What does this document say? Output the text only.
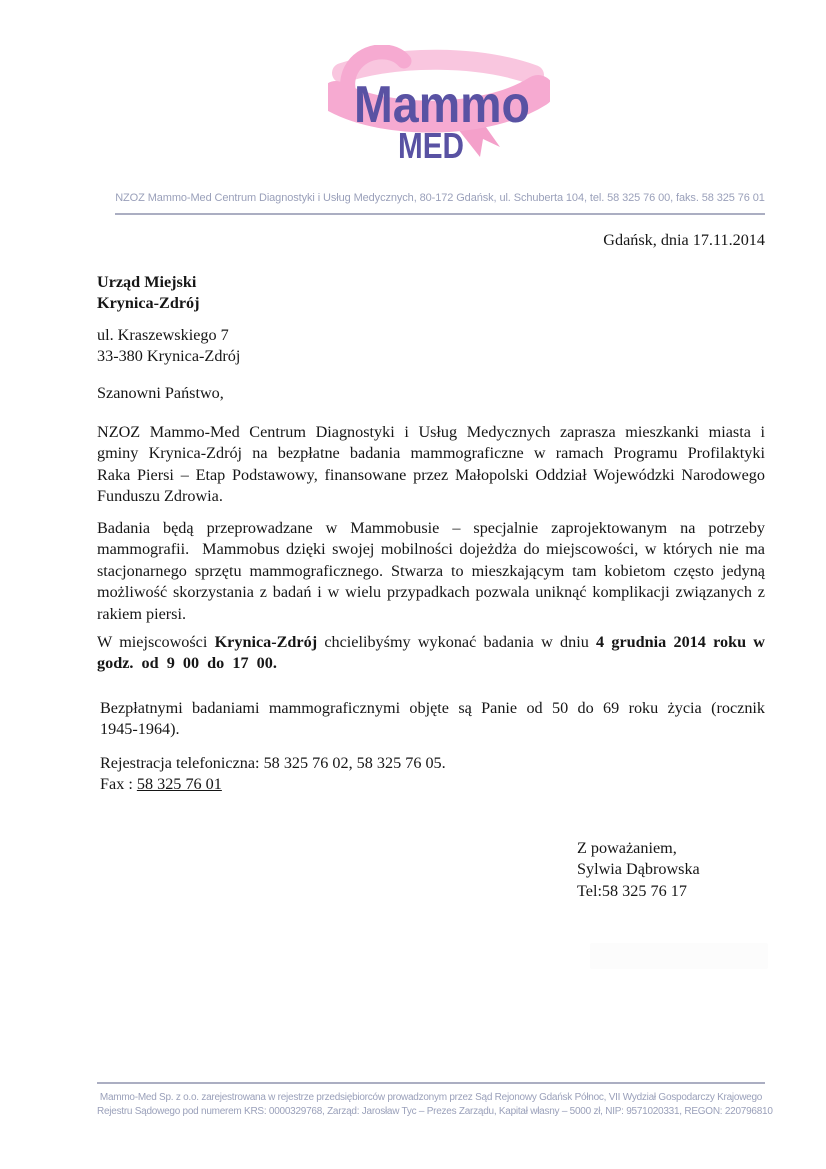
Mammo
MED
NZOZ Mammo-Med Centrum Diagnostyki i Usług Medycznych, 80-172 Gdańsk, ul. Schuberta 104, tel. 58 325 76 00, faks. 58 325 76 01
Gdańsk, dnia 17.11.2014
Urząd Miejski
Krynica-Zdrój
ul. Kraszewskiego 7
33-380 Krynica-Zdrój
Szanowni Państwo,
NZOZ Mammo-Med Centrum Diagnostyki i Usług Medycznych zaprasza mieszkanki miasta i
gminy Krynica-Zdrój na bezpłatne badania mammograficzne w ramach Programu Profilaktyki
Raka Piersi – Etap Podstawowy, finansowane przez Małopolski Oddział Wojewódzki Narodowego
Funduszu Zdrowia.
Badania będą przeprowadzane w Mammobusie – specjalnie zaprojektowanym na potrzeby
mammografii.  Mammobus dzięki swojej mobilności dojeżdża do miejscowości, w których nie ma
stacjonarnego sprzętu mammograficznego. Stwarza to mieszkającym tam kobietom często jedyną
możliwość skorzystania z badań i w wielu przypadkach pozwala uniknąć komplikacji związanych z
rakiem piersi.
W miejscowości Krynica-Zdrój chcielibyśmy wykonać badania w dniu 4 grudnia 2014 roku w
godz.  od  9  00  do  17  00.
Bezpłatnymi badaniami mammograficznymi objęte są Panie od 50 do 69 roku życia (rocznik
1945-1964).
Rejestracja telefoniczna: 58 325 76 02, 58 325 76 05.
Fax : 58 325 76 01
Z poważaniem,
Sylwia Dąbrowska
Tel:58 325 76 17
Mammo-Med Sp. z o.o. zarejestrowana w rejestrze przedsiębiorców prowadzonym przez Sąd Rejonowy Gdańsk Północ, VII Wydział Gospodarczy Krajowego
Rejestru Sądowego pod numerem KRS: 0000329768, Zarząd: Jarosław Tyc – Prezes Zarządu, Kapitał własny – 5000 zł, NIP: 9571020331, REGON: 220796810
